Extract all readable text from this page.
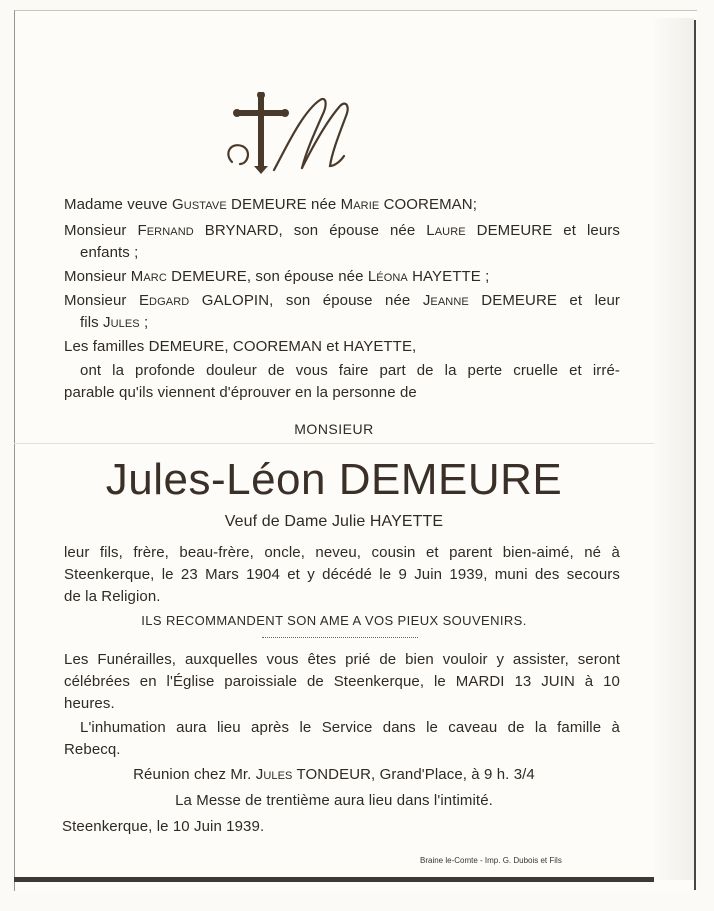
Madame veuve Gustave DEMEURE née Marie COOREMAN;
Monsieur Fernand BRYNARD, son épouse née Laure DEMEURE et leurs
enfants ;
Monsieur Marc DEMEURE, son épouse née Léona HAYETTE ;
Monsieur Edgard GALOPIN, son épouse née Jeanne DEMEURE et leur
fils Jules ;
Les familles DEMEURE, COOREMAN et HAYETTE,
ont la profonde douleur de vous faire part de la perte cruelle et irré-
parable qu'ils viennent d'éprouver en la personne de
MONSIEUR
Jules-Léon DEMEURE
Veuf de Dame Julie HAYETTE
leur fils, frère, beau-frère, oncle, neveu, cousin et parent bien-aimé, né à
Steenkerque, le 23 Mars 1904 et y décédé le 9 Juin 1939, muni des secours
de la Religion.
ILS RECOMMANDENT SON AME A VOS PIEUX SOUVENIRS.
Les Funérailles, auxquelles vous êtes prié de bien vouloir y assister, seront
célébrées en l'Église paroissiale de Steenkerque, le MARDI 13 JUIN à 10
heures.
L'inhumation aura lieu après le Service dans le caveau de la famille à
Rebecq.
Réunion chez Mr. Jules TONDEUR, Grand'Place, à 9 h. 3/4
La Messe de trentième aura lieu dans l'intimité.
Steenkerque, le 10 Juin 1939.
Braine le-Comte - Imp. G. Dubois et Fils
